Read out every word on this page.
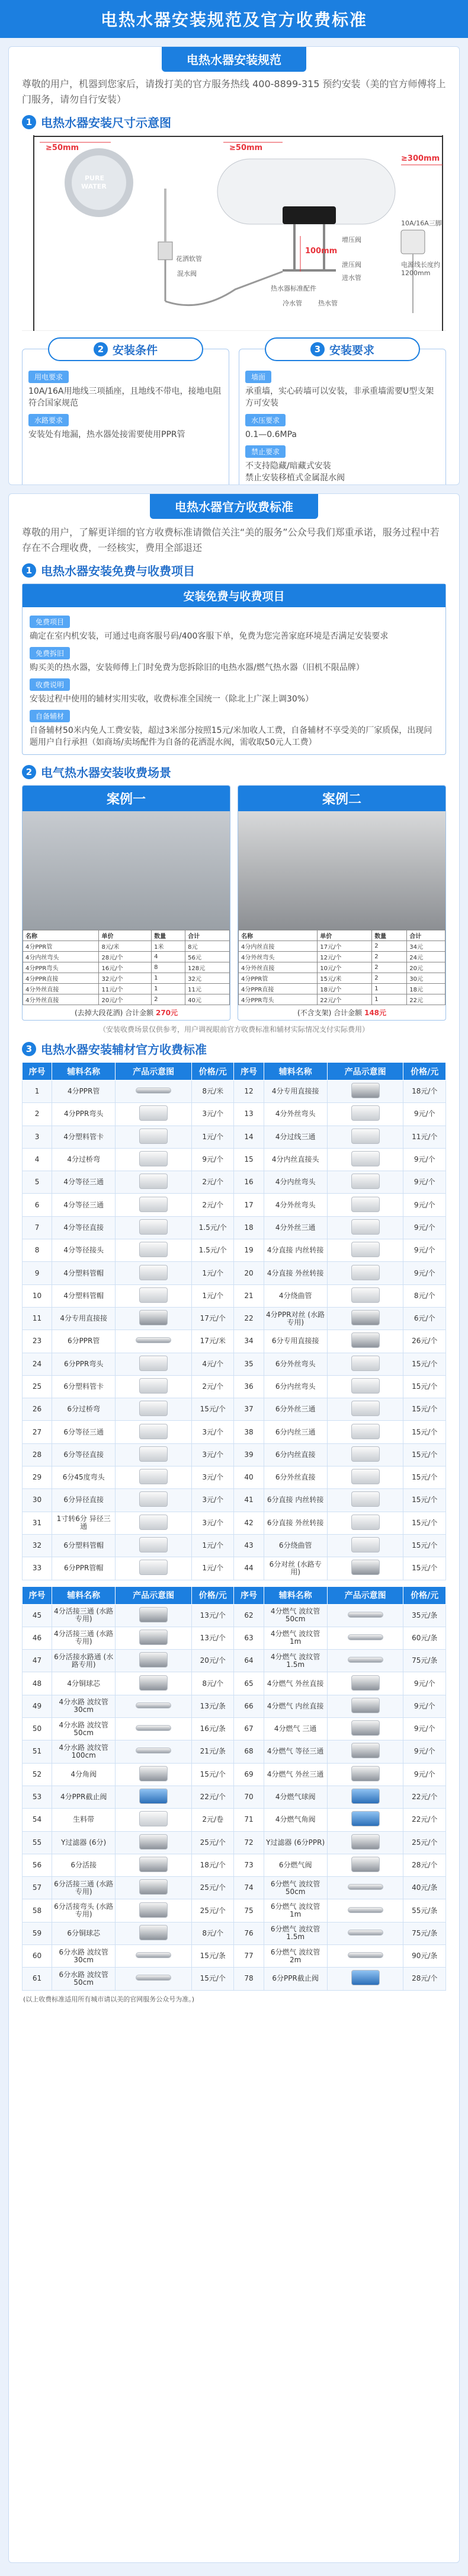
电热水器安装规范及官方收费标准
电热水器安装规范
尊敬的用户，机器到您家后，请拨打美的官方服务热线 400-8899-315 预约安装（美的官方师傅将上门服务，请勿自行安装）
1 电热水器安装尺寸示意图
≥50mm	≥50mm
≥300mm
100mm
PURE
WATER
10A/16A三脚
电源线长度约1200mm
花洒软管
增压阀
泄压阀
混水阀
热水器标准配件
进水管
冷水管 热水管
2 安装条件
用电要求
10A/16A用地线三项插座，且地线不带电，接地电阻符合国家规范
水路要求
安装处有地漏，热水器处接需要使用PPR管
3 安装要求
墙面
承重墙，实心砖墙可以安装，非承重墙需要U型支架方可安装
水压要求
0.1—0.6MPa
禁止要求
不支持隐藏/暗藏式安装
禁止安装移植式金属混水阀
电热水器官方收费标准
尊敬的用户，了解更详细的官方收费标准请微信关注“美的服务”公众号我们郑重承诺，服务过程中若存在不合理收费，一经核实，费用全部退还
1 电热水器安装免费与收费项目
安装免费与收费项目
免费项目
确定在室内机安装，可通过电商客服号码/400客服下单，免费为您完善家庭环境是否满足安装要求
免费拆旧
购买美的热水器，安装师傅上门时免费为您拆除旧的电热水器/燃气热水器（旧机不限品牌）
收费说明
安装过程中使用的辅材实用实收，收费标准全国统一（除北上广深上调30%）
自备辅材
自备辅材50米内免人工费安装，超过3米部分按照15元/米加收人工费，自备辅材不享受美的厂家质保，出现问题用户自行承担（如商场/卖场配件为自备的花洒混水阀，需收取50元人工费）
2 电气热水器安装收费场景
案例一
名称	单价	数量	合计
4分PPR管	8元/米	1米	8元
4分内丝弯头	28元/个	4	56元
4分PPR弯头	16元/个	8	128元
4分PPR直接	32元/个	1	32元
4分外丝直接	11元/个	1	11元
4分外丝直接	20元/个	2	40元
(去掉大段花洒) 合计金额 270元
案例二
名称	单价	数量	合计
4分内丝直接	17元/个	2	34元
4分外丝弯头	12元/个	2	24元
4分外丝直接	10元/个	2	20元
4分PPR管	15元/米	2	30元
4分PPR直接	18元/个	1	18元
4分PPR弯头	22元/个	1	22元
(不含支架) 合计金额 148元
（安装收费场景仅供参考，用户调视眼前官方收费标准和辅材实际情况支付实际费用）
3 电热水器安装辅材官方收费标准
序号	辅料名称	产品示意图	价格/元	序号	辅料名称	产品示意图	价格/元
1	4分PPR管		8元/米	12	4分专用直接接		18元/个
2	4分PPR弯头		3元/个	13	4分外丝弯头		9元/个
3	4分塑料管卡		1元/个	14	4分过线三通		11元/个
4	4分过桥弯		9元/个	15	4分内丝直接头		9元/个
5	4分等径三通		2元/个	16	4分内丝弯头		9元/个
6	4分等径三通		2元/个	17	4分外丝弯头		9元/个
7	4分等径直接		1.5元/个	18	4分外丝三通		9元/个
8	4分等径接头		1.5元/个	19	4分直接 内丝转接		9元/个
9	4分塑料管帽		1元/个	20	4分直接 外丝转接		9元/个
10	4分塑料管帽		1元/个	21	4分绕曲管		8元/个
11	4分专用直接接		17元/个	22	4分PPR对丝 (水路专用)		6元/个
23	6分PPR管		17元/米	34	6分专用直接接		26元/个
24	6分PPR弯头		4元/个	35	6分外丝弯头		15元/个
25	6分塑料管卡		2元/个	36	6分内丝弯头		15元/个
26	6分过桥弯		15元/个	37	6分外丝三通		15元/个
27	6分等径三通		3元/个	38	6分内丝三通		15元/个
28	6分等径直接		3元/个	39	6分内丝直接		15元/个
29	6分45度弯头		3元/个	40	6分外丝直接		15元/个
30	6分异径直接		3元/个	41	6分直接 内丝转接		15元/个
31	1寸转6分 异径三通		3元/个	42	6分直接 外丝转接		15元/个
32	6分塑料管帽		1元/个	43	6分绕曲管		15元/个
33	6分PPR管帽		1元/个	44	6分对丝 (水路专用)		15元/个
序号	辅料名称	产品示意图	价格/元	序号	辅料名称	产品示意图	价格/元
45	4分活接三通 (水路专用)		13元/个	62	4分燃气 波纹管50cm		35元/条
46	4分活接三通 (水路专用)		13元/个	63	4分燃气 波纹管1m		60元/条
47	6分活接水路通 (水路专用)		20元/个	64	4分燃气 波纹管1.5m		75元/条
48	4分铜球芯		8元/个	65	4分燃气 外丝直接		9元/个
49	4分水路 波纹管30cm		13元/条	66	4分燃气 内丝直接		9元/个
50	4分水路 波纹管50cm		16元/条	67	4分燃气 三通		9元/个
51	4分水路 波纹管100cm		21元/条	68	4分燃气 等径三通		9元/个
52	4分角阀		15元/个	69	4分燃气 外丝三通		9元/个
53	4分PPR截止阀		22元/个	70	4分燃气球阀		22元/个
54	生料带		2元/卷	71	4分燃气角阀		22元/个
55	Y过滤器 (6分)		25元/个	72	Y过滤器 (6分PPR)		25元/个
56	6分活接		18元/个	73	6分燃气阀		28元/个
57	6分活接三通 (水路专用)		25元/个	74	6分燃气 波纹管50cm		40元/条
58	6分活接弯头 (水路专用)		25元/个	75	6分燃气 波纹管1m		55元/条
59	6分铜球芯		8元/个	76	6分燃气 波纹管1.5m		75元/条
60	6分水路 波纹管30cm		15元/条	77	6分燃气 波纹管2m		90元/条
61	6分水路 波纹管50cm		15元/个	78	6分PPR截止阀		28元/个
(以上收费标准适用所有城市请以美的官网服务公众号为准。)
